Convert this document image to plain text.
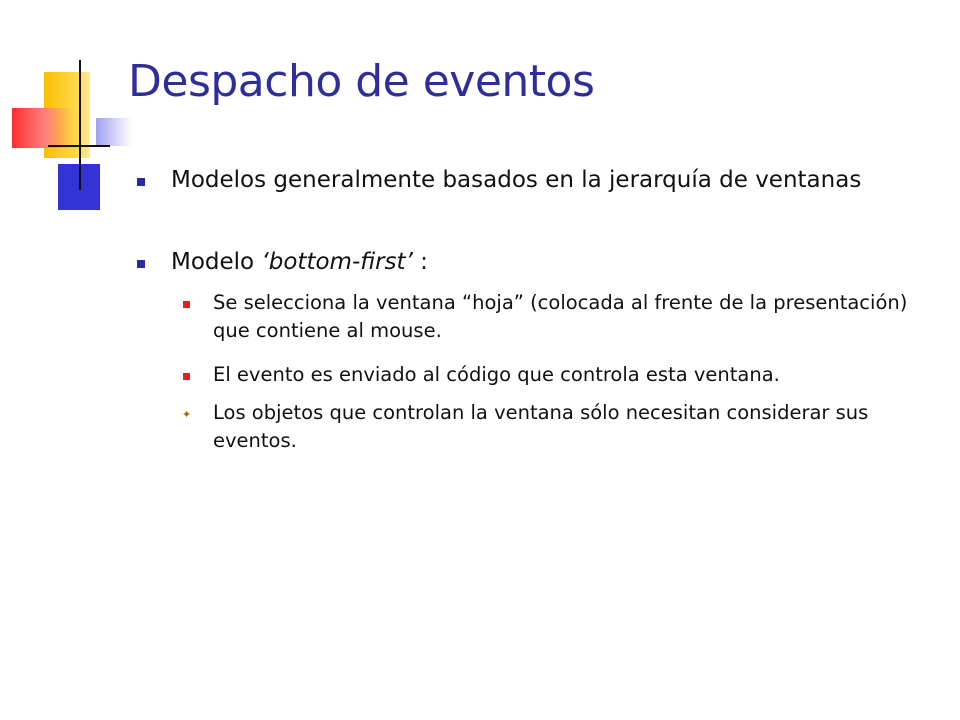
Despacho de eventos
Modelos generalmente basados en la jerarquía de ventanas
Modelo ‘bottom-first’ :
Se selecciona la ventana “hoja” (colocada al frente de la presentación) que contiene al mouse.
El evento es enviado al código que controla esta ventana.
✦ Los objetos que controlan la ventana sólo necesitan considerar sus eventos.
